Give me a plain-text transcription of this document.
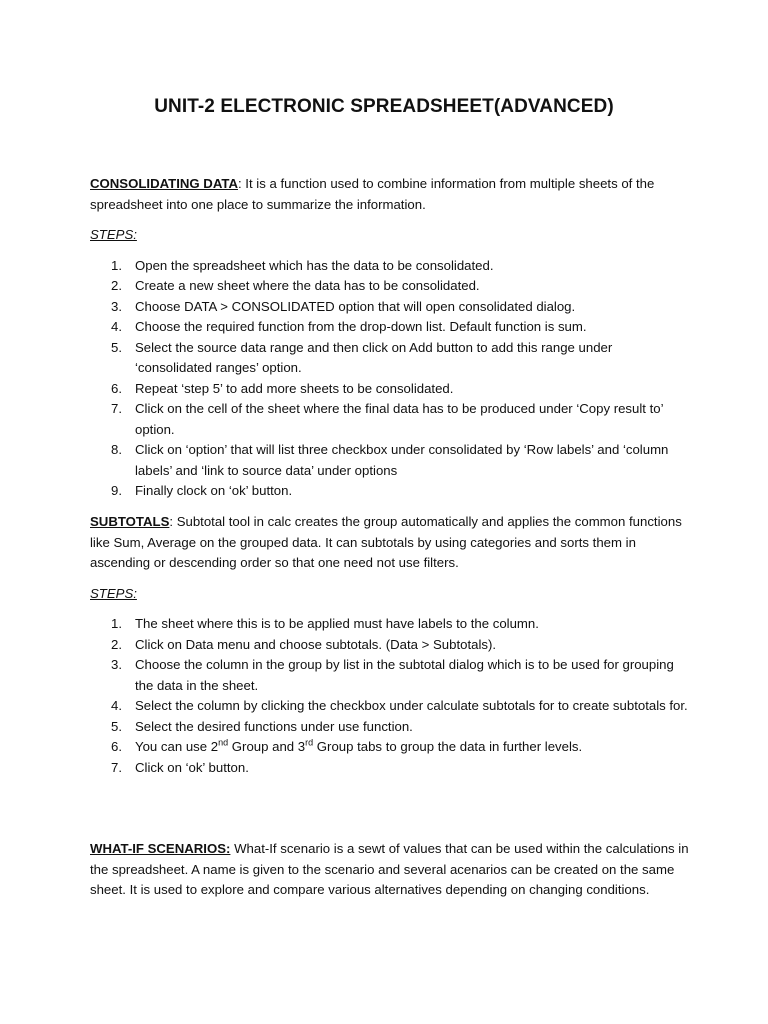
UNIT-2 ELECTRONIC SPREADSHEET(ADVANCED)

CONSOLIDATING DATA: It is a function used to combine information from multiple sheets of the spreadsheet into one place to summarize the information.

STEPS:
1. Open the spreadsheet which has the data to be consolidated.
2. Create a new sheet where the data has to be consolidated.
3. Choose DATA > CONSOLIDATED option that will open consolidated dialog.
4. Choose the required function from the drop-down list. Default function is sum.
5. Select the source data range and then click on Add button to add this range under ‘consolidated ranges’ option.
6. Repeat ‘step 5’ to add more sheets to be consolidated.
7. Click on the cell of the sheet where the final data has to be produced under ‘Copy result to’ option.
8. Click on ‘option’ that will list three checkbox under consolidated by ‘Row labels’ and ‘column labels’ and ‘link to source data’ under options
9. Finally clock on ‘ok’ button.

SUBTOTALS: Subtotal tool in calc creates the group automatically and applies the common functions like Sum, Average on the grouped data. It can subtotals by using categories and sorts them in ascending or descending order so that one need not use filters.

STEPS:
1. The sheet where this is to be applied must have labels to the column.
2. Click on Data menu and choose subtotals. (Data > Subtotals).
3. Choose the column in the group by list in the subtotal dialog which is to be used for grouping the data in the sheet.
4. Select the column by clicking the checkbox under calculate subtotals for to create subtotals for.
5. Select the desired functions under use function.
6. You can use 2nd Group and 3rd Group tabs to group the data in further levels.
7. Click on ‘ok’ button.

WHAT-IF SCENARIOS: What-If scenario is a sewt of values that can be used within the calculations in the spreadsheet. A name is given to the scenario and several acenarios can be created on the same sheet. It is used to explore and compare various alternatives depending on changing conditions.
